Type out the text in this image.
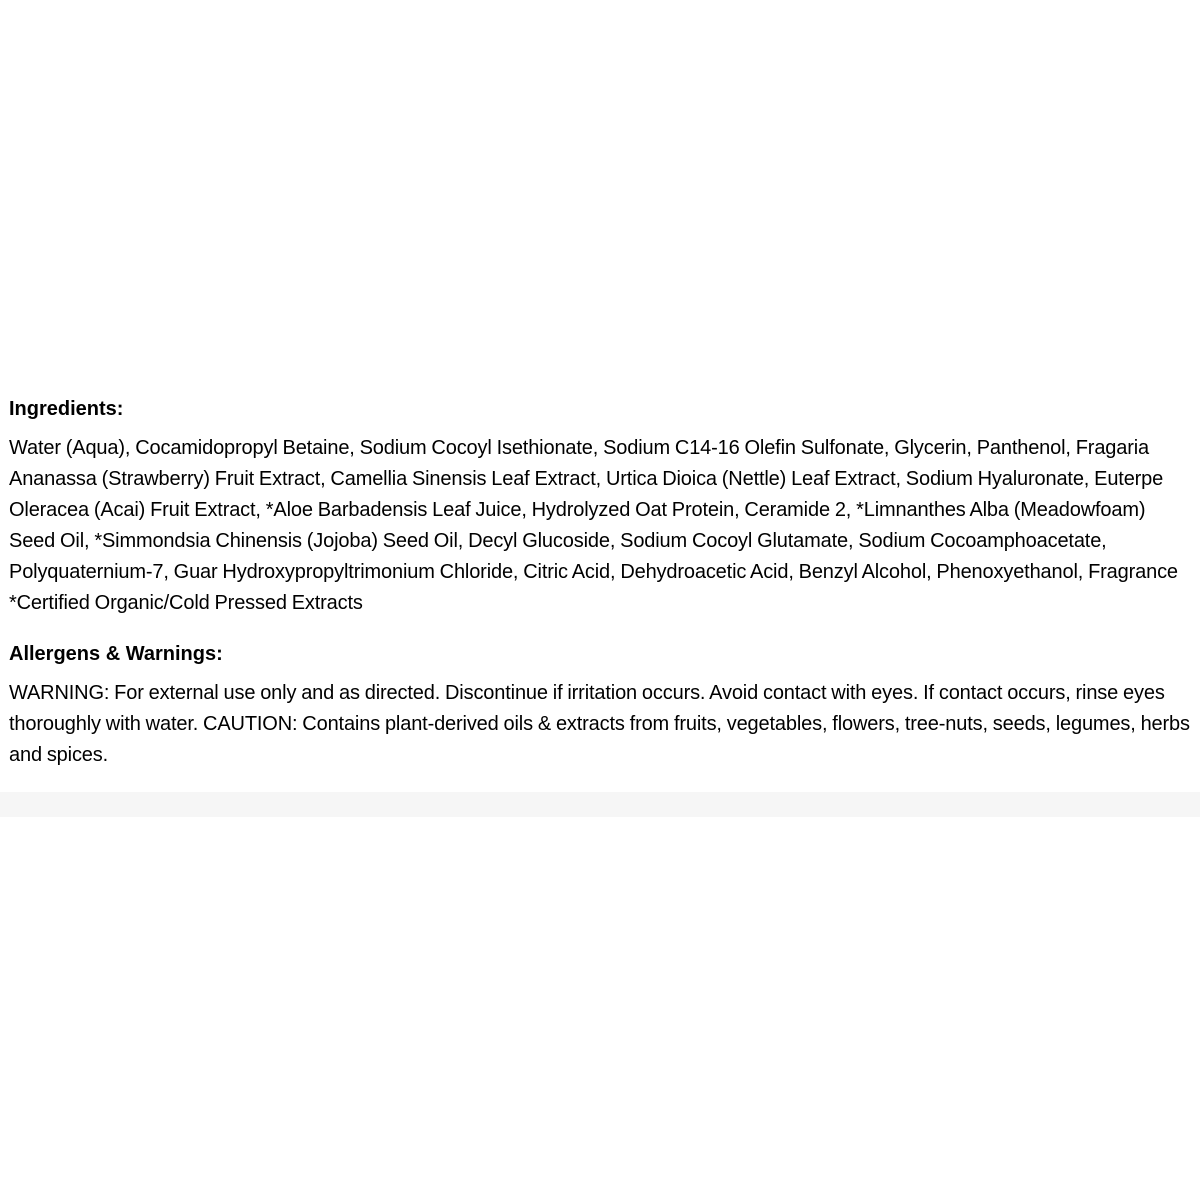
Ingredients:

Water (Aqua), Cocamidopropyl Betaine, Sodium Cocoyl Isethionate, Sodium C14-16 Olefin Sulfonate, Glycerin, Panthenol, Fragaria Ananassa (Strawberry) Fruit Extract, Camellia Sinensis Leaf Extract, Urtica Dioica (Nettle) Leaf Extract, Sodium Hyaluronate, Euterpe Oleracea (Acai) Fruit Extract, *Aloe Barbadensis Leaf Juice, Hydrolyzed Oat Protein, Ceramide 2, *Limnanthes Alba (Meadowfoam) Seed Oil, *Simmondsia Chinensis (Jojoba) Seed Oil, Decyl Glucoside, Sodium Cocoyl Glutamate, Sodium Cocoamphoacetate, Polyquaternium-7, Guar Hydroxypropyltrimonium Chloride, Citric Acid, Dehydroacetic Acid, Benzyl Alcohol, Phenoxyethanol, Fragrance *Certified Organic/Cold Pressed Extracts

Allergens & Warnings:

WARNING: For external use only and as directed. Discontinue if irritation occurs. Avoid contact with eyes. If contact occurs, rinse eyes thoroughly with water. CAUTION: Contains plant-derived oils & extracts from fruits, vegetables, flowers, tree-nuts, seeds, legumes, herbs and spices.
